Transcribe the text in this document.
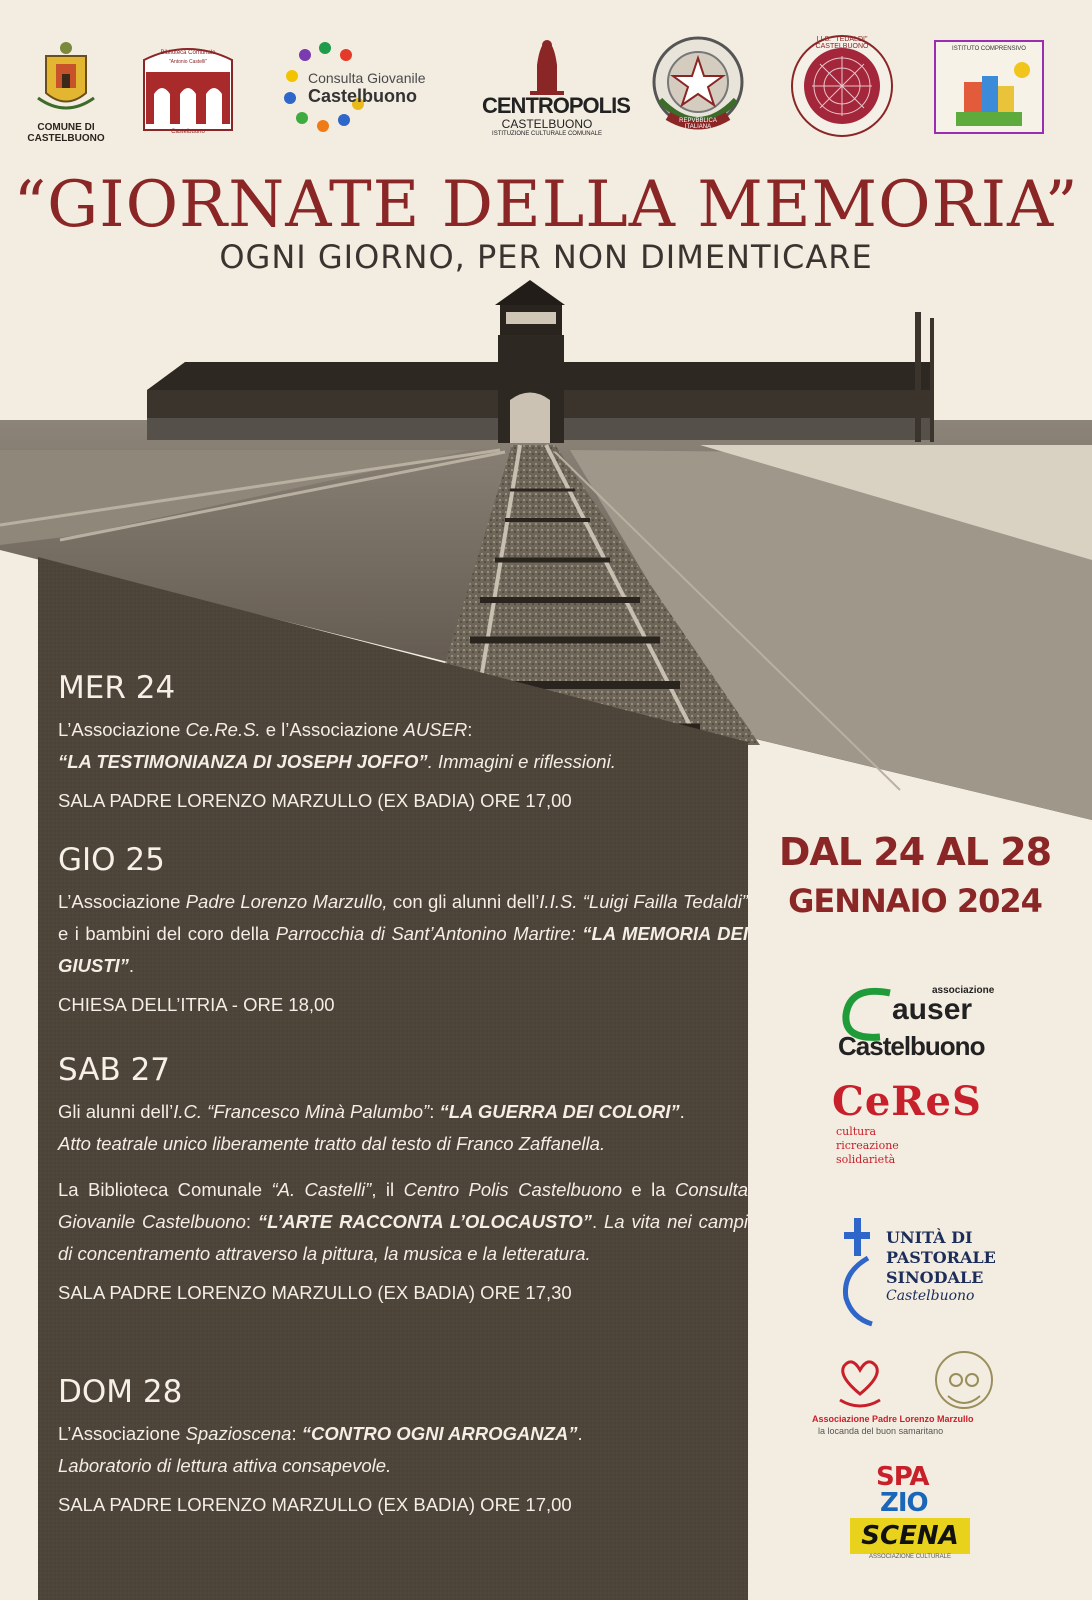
COMUNE DI CASTELBUONO
Biblioteca Comunale
"Antonio Castelli"
Castelbuono
Consulta Giovanile
Castelbuono	CENTROPOLIS
CASTELBUONO
ISTITUZIONE CULTURALE COMUNALE
REPVBBLICA ITALIANA
I.I.S. "TEDALDI" CASTELBUONO	ISTITUTO COMPRENSIVO
“GIORNATE DELLA MEMORIA”
OGNI GIORNO, PER NON DIMENTICARE
MER 24
L’Associazione Ce.Re.S. e l’Associazione AUSER:
“LA TESTIMONIANZA DI JOSEPH JOFFO”. Immagini e riflessioni.
SALA PADRE LORENZO MARZULLO (EX BADIA) ORE 17,00
GIO 25
L’Associazione Padre Lorenzo Marzullo, con gli alunni dell’I.I.S. “Luigi Failla Tedaldi” e i bambini del coro della Parrocchia di Sant’Antonino Martire: “LA MEMORIA DEI GIUSTI”.
CHIESA DELL’ITRIA - ORE 18,00
SAB 27
Gli alunni dell’I.C. “Francesco Minà Palumbo”: “LA GUERRA DEI COLORI”.
Atto teatrale unico liberamente tratto dal testo di Franco Zaffanella.
La Biblioteca Comunale “A. Castelli”, il Centro Polis Castelbuono e la Consulta Giovanile Castelbuono: “L’ARTE RACCONTA L’OLOCAUSTO”. La vita nei campi di concentramento attraverso la pittura, la musica e la letteratura.
SALA PADRE LORENZO MARZULLO (EX BADIA) ORE 17,30
DOM 28
L’Associazione Spazioscena: “CONTRO OGNI ARROGANZA”.
Laboratorio di lettura attiva consapevole.
SALA PADRE LORENZO MARZULLO (EX BADIA) ORE 17,00
DAL 24 AL 28
GENNAIO 2024
associazione
auser
Castelbuono
CeReS
cultura
ricreazione
solidarietà
UNITÀ DI
PASTORALE
SINODALE
Castelbuono
Associazione Padre Lorenzo Marzullo
la locanda del buon samaritano
SPA
ZIO
SCENA
ASSOCIAZIONE CULTURALE
